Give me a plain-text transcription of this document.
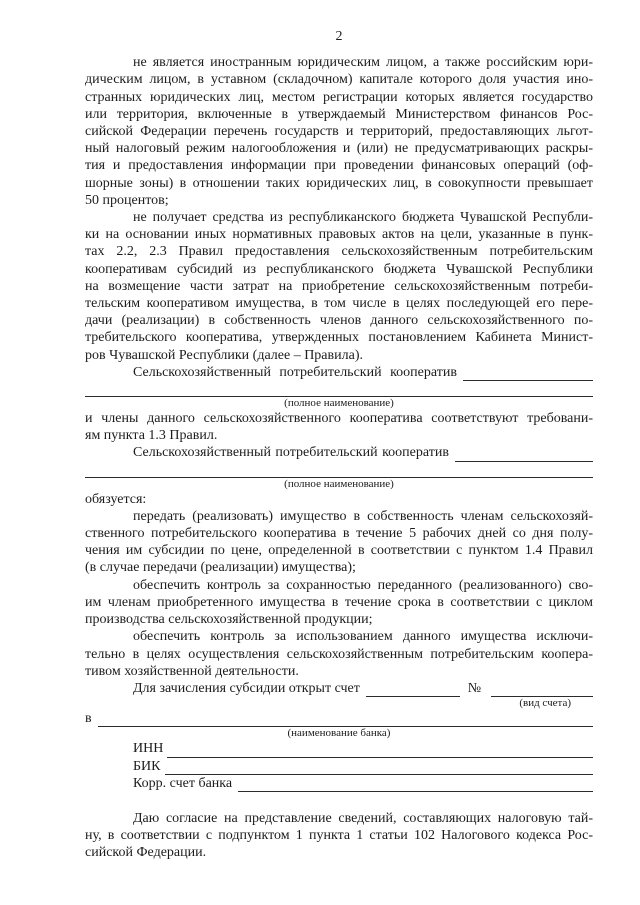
2
не является иностранным юридическим лицом, а также российским юри-
дическим лицом, в уставном (складочном) капитале которого доля участия ино-
странных юридических лиц, местом регистрации которых является государство
или территория, включенные в утверждаемый Министерством финансов Рос-
сийской Федерации перечень государств и территорий, предоставляющих льгот-
ный налоговый режим налогообложения и (или) не предусматривающих раскры-
тия и предоставления информации при проведении финансовых операций (оф-
шорные зоны) в отношении таких юридических лиц, в совокупности превышает
50 процентов;
не получает средства из республиканского бюджета Чувашской Республи-
ки на основании иных нормативных правовых актов на цели, указанные в пунк-
тах 2.2, 2.3 Правил предоставления сельскохозяйственным потребительским
кооперативам субсидий из республиканского бюджета Чувашской Республики
на возмещение части затрат на приобретение сельскохозяйственным потреби-
тельским кооперативом имущества, в том числе в целях последующей его пере-
дачи (реализации) в собственность членов данного сельскохозяйственного по-
требительского кооператива, утвержденных постановлением Кабинета Минист-
ров Чувашской Республики (далее – Правила).
Сельскохозяйственный потребительский кооператив
(полное наименование)
и члены данного сельскохозяйственного кооператива соответствуют требовани-
ям пункта 1.3 Правил.
Сельскохозяйственный потребительский кооператив
(полное наименование)
обязуется:
передать (реализовать) имущество в собственность членам сельскохозяй-
ственного потребительского кооператива в течение 5 рабочих дней со дня полу-
чения им субсидии по цене, определенной в соответствии с пунктом 1.4 Правил
(в случае передачи (реализации) имущества);
обеспечить контроль за сохранностью переданного (реализованного) сво-
им членам приобретенного имущества в течение срока в соответствии с циклом
производства сельскохозяйственной продукции;
обеспечить контроль за использованием данного имущества исключи-
тельно в целях осуществления сельскохозяйственным потребительским коопера-
тивом хозяйственной деятельности.
Для зачисления субсидии открыт счет	№
(вид счета)
в
(наименование банка)
ИНН
БИК
Корр. счет банка
Даю согласие на представление сведений, составляющих налоговую тай-
ну, в соответствии с подпунктом 1 пункта 1 статьи 102 Налогового кодекса Рос-
сийской Федерации.
